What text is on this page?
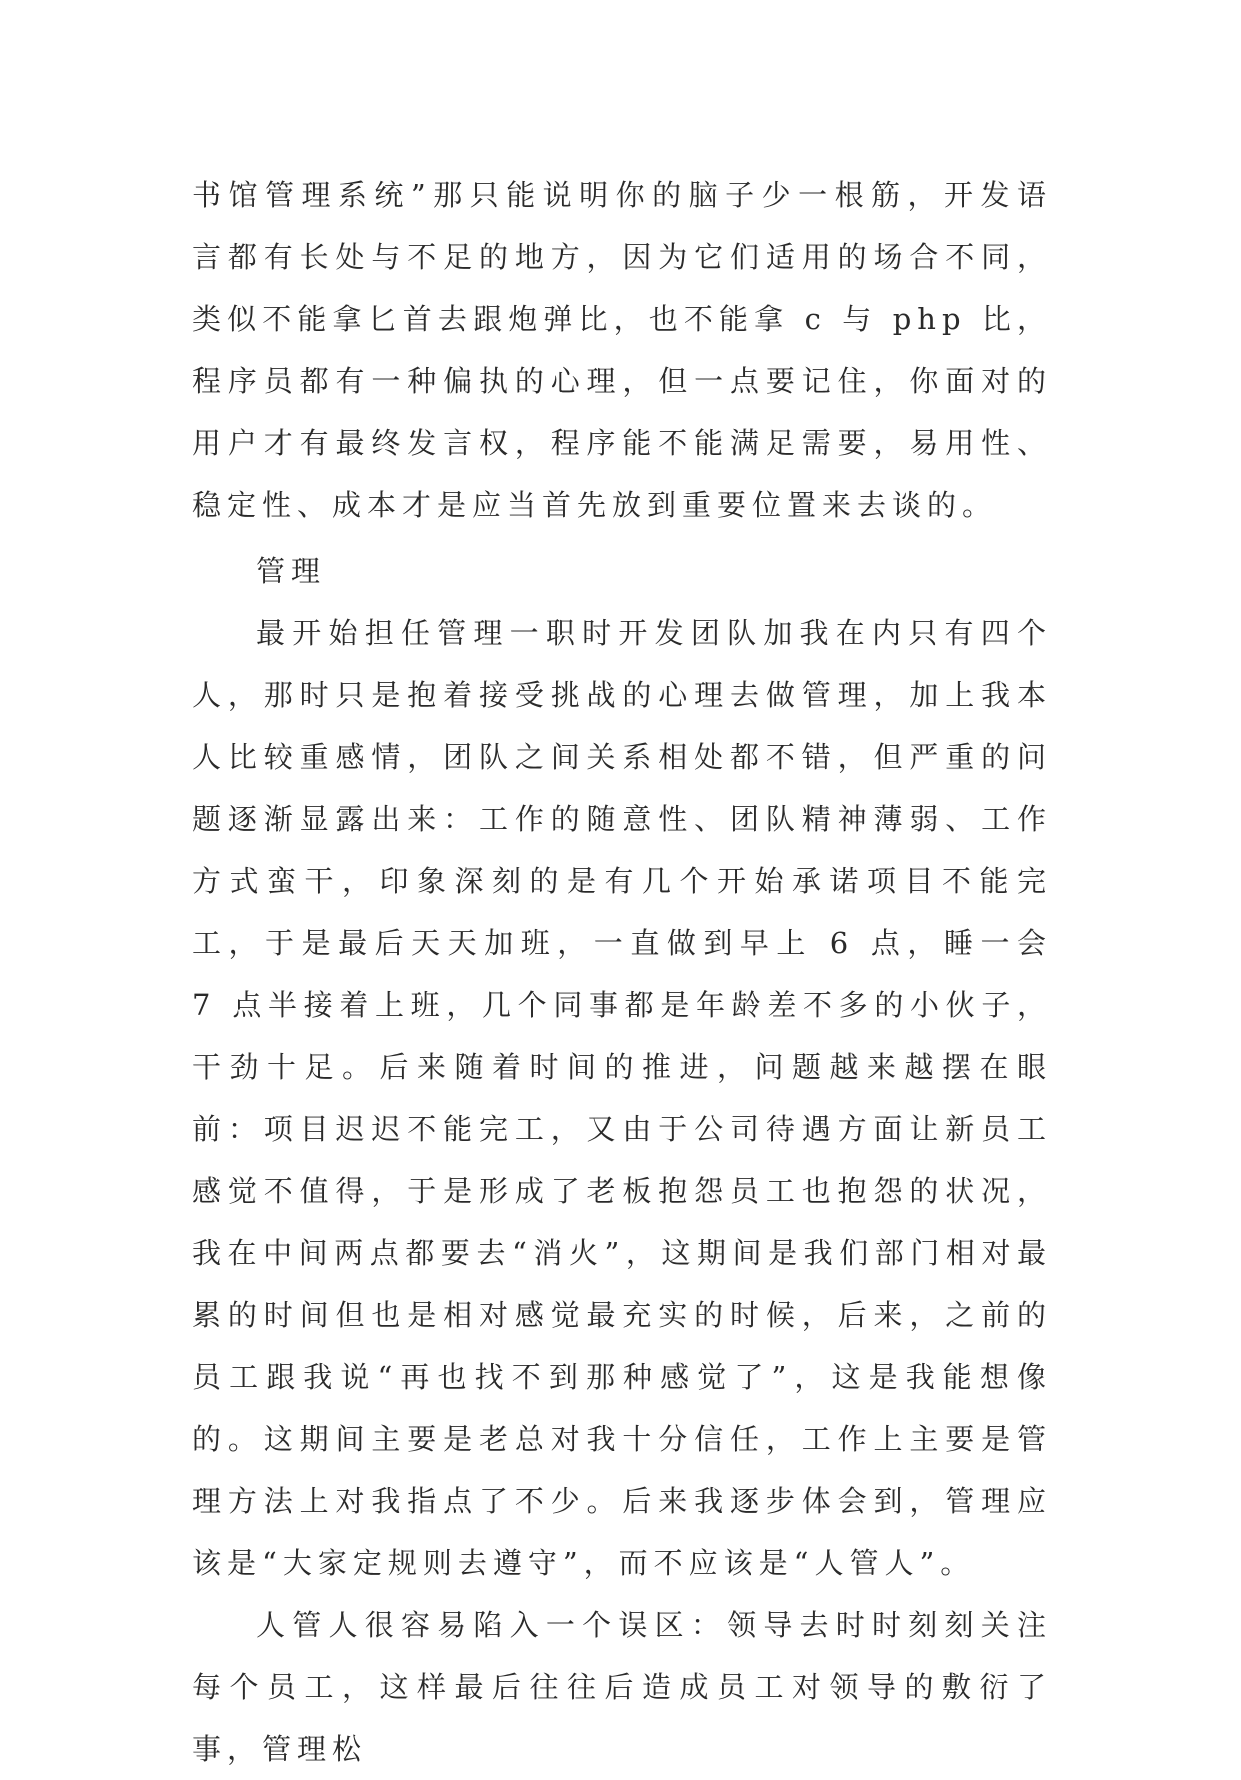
书馆管理系统”那只能说明你的脑子少一根筋，开发语言都有长处与不足的地方，因为它们适用的场合不同，类似不能拿匕首去跟炮弹比，也不能拿 c 与 php 比，程序员都有一种偏执的心理，但一点要记住，你面对的用户才有最终发言权，程序能不能满足需要，易用性、稳定性、成本才是应当首先放到重要位置来去谈的。

管理

最开始担任管理一职时开发团队加我在内只有四个人，那时只是抱着接受挑战的心理去做管理，加上我本人比较重感情，团队之间关系相处都不错，但严重的问题逐渐显露出来：工作的随意性、团队精神薄弱、工作方式蛮干，印象深刻的是有几个开始承诺项目不能完工，于是最后天天加班，一直做到早上 6 点，睡一会 7 点半接着上班，几个同事都是年龄差不多的小伙子，干劲十足。后来随着时间的推进，问题越来越摆在眼前：项目迟迟不能完工，又由于公司待遇方面让新员工感觉不值得，于是形成了老板抱怨员工也抱怨的状况，我在中间两点都要去“消火”，这期间是我们部门相对最累的时间但也是相对感觉最充实的时候，后来，之前的员工跟我说“再也找不到那种感觉了”，这是我能想像的。这期间主要是老总对我十分信任，工作上主要是管理方法上对我指点了不少。后来我逐步体会到，管理应该是“大家定规则去遵守”，而不应该是“人管人”。

人管人很容易陷入一个误区：领导去时时刻刻关注每个员工，这样最后往往后造成员工对领导的敷衍了事，管理松
